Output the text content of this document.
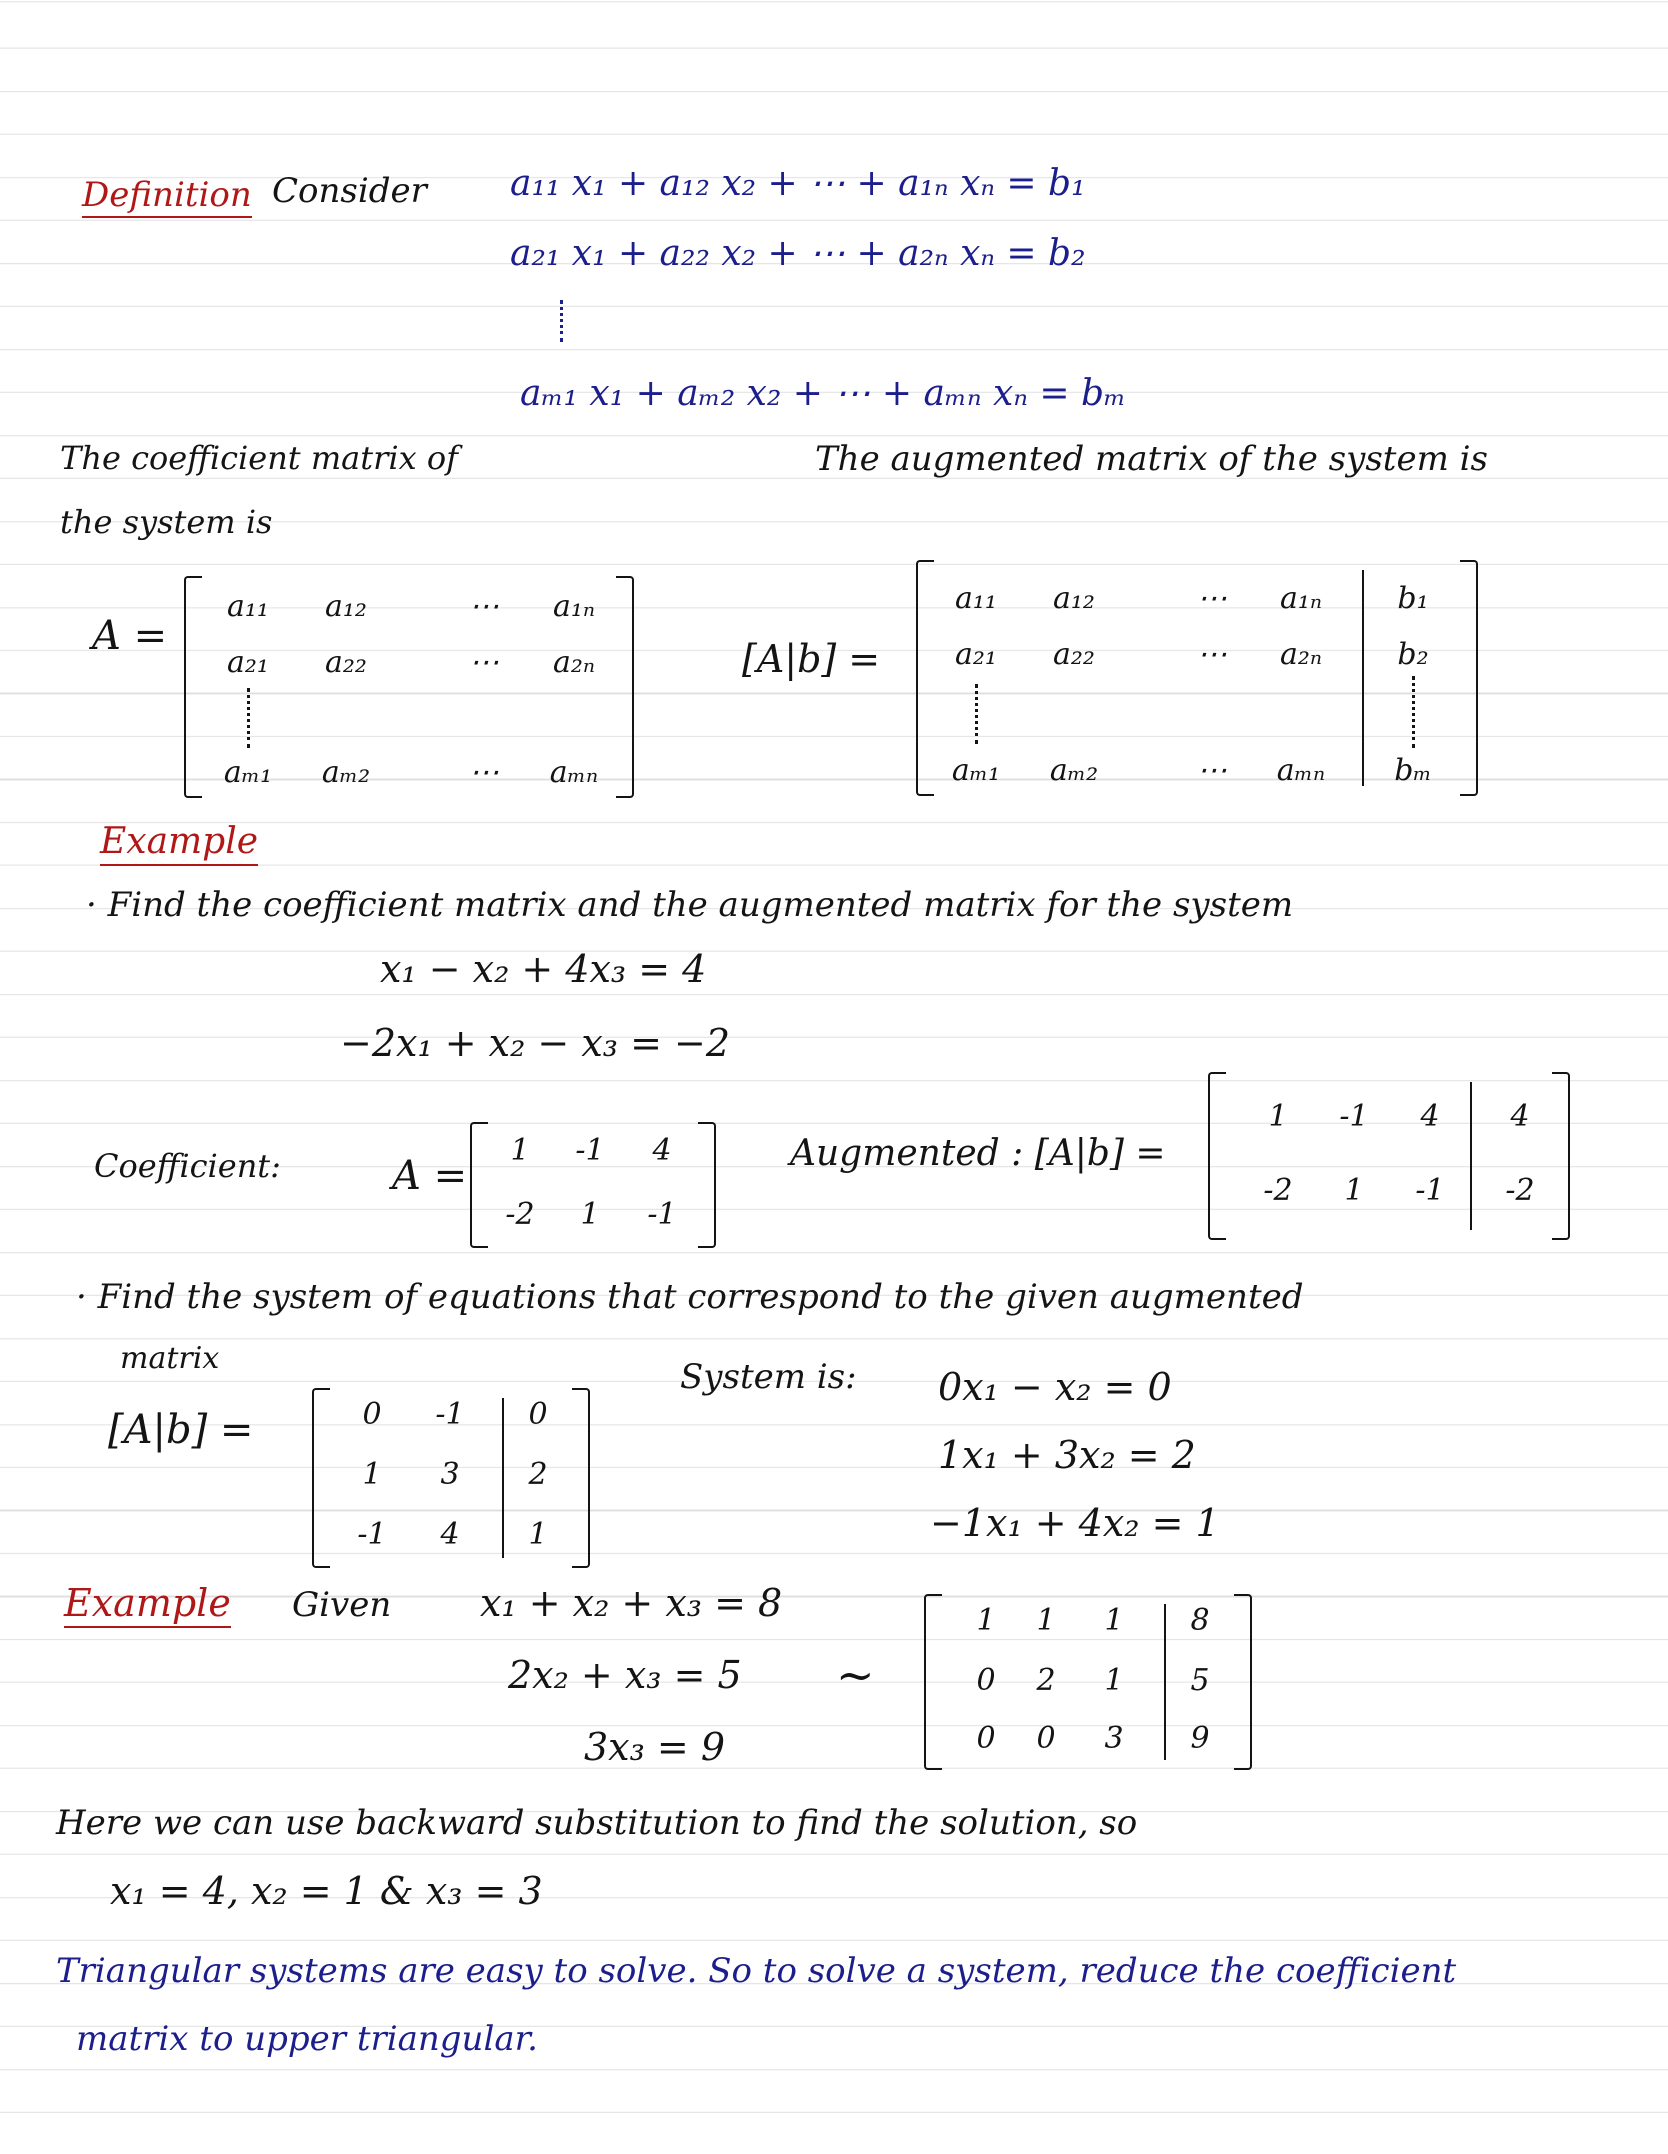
Definition Consider a₁₁ x₁ + a₁₂ x₂ + ⋯ + a₁ₙ xₙ = b₁
a₂₁ x₁ + a₂₂ x₂ + ⋯ + a₂ₙ xₙ = b₂
aₘ₁ x₁ + aₘ₂ x₂ + ⋯ + aₘₙ xₙ = bₘ
The coefficient matrix of
the system is
The augmented matrix of the system is
A =
a₁₁ a₁₂	⋯ a₁ₙ
a₂₁ a₂₂	⋯ a₂ₙ
aₘ₁ aₘ₂	⋯ aₘₙ
[A|b] =
a₁₁ a₁₂	⋯ a₁ₙ	b₁
a₂₁ a₂₂	⋯ a₂ₙ	b₂
aₘ₁ aₘ₂	⋯ aₘₙ bₘ
Example
· Find the coefficient matrix and the augmented matrix for the system
x₁ − x₂ + 4x₃ = 4
−2x₁ + x₂ − x₃ = −2
Coefficient:	A =
1 -1 4
-2 1 -1
Augmented : [A|b] =
1 -1 4 4
-2 1 -1 -2
· Find the system of equations that correspond to the given augmented
matrix
[A|b] =	0 -1 0
1 3 2
-1 4 1
System is: 0x₁ − x₂ = 0
1x₁ + 3x₂ = 2
−1x₁ + 4x₂ = 1
Example Given x₁ + x₂ + x₃ = 8
2x₂ + x₃ = 5
3x₃ = 9
~
1 1 1 8
0 2 1 5
0 0 3 9
Here we can use backward substitution to find the solution, so
x₁ = 4, x₂ = 1 & x₃ = 3
Triangular systems are easy to solve. So to solve a system, reduce the coefficient
matrix to upper triangular.
